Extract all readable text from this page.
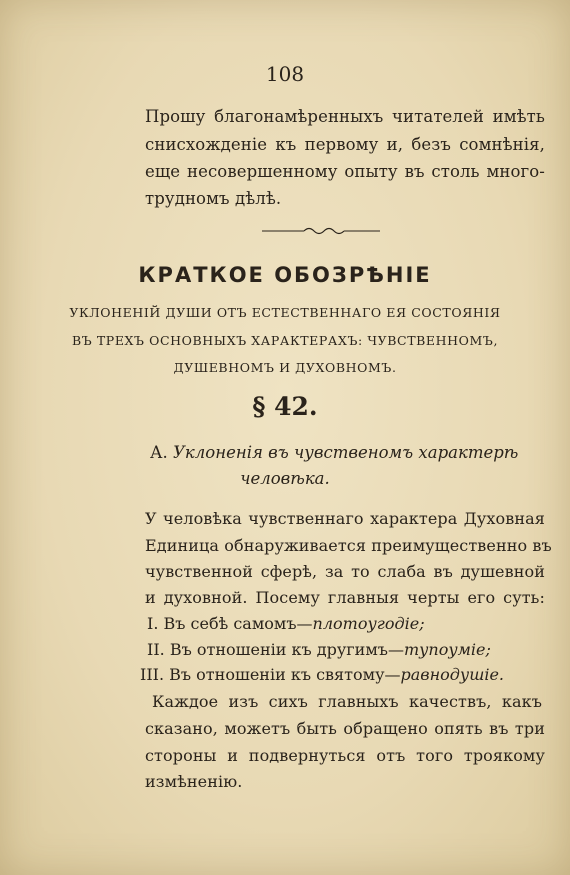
108
Прошу благонамѣренныхъ читателей имѣть
снисхожденіе къ первому и, безъ сомнѣнія,
еще несовершенному опыту въ столь много-
трудномъ дѣлѣ.
КРАТКОЕ ОБОЗРѢНІЕ
УКЛОНЕНІЙ ДУШИ ОТЪ ЕСТЕСТВЕННАГО ЕЯ СОСТОЯНІЯ
ВЪ ТРЕХЪ ОСНОВНЫХЪ ХАРАКТЕРАХЪ: ЧУВСТВЕННОМЪ,
ДУШЕВНОМЪ И ДУХОВНОМЪ.
§ 42.
А. Уклоненія въ чувственомъ характерѣ
человѣка.
У человѣка чувственнаго характера Духовная
Единица обнаруживается преимущественно въ
чувственной сферѣ, за то слаба въ душевной
и духовной. Посему главныя черты его суть:
I. Въ себѣ самомъ—плотоугодіе;
II. Въ отношеніи къ другимъ—тупоуміе;
III. Въ отношеніи къ святому—равнодушіе.
Каждое изъ сихъ главныхъ качествъ, какъ
сказано, можетъ быть обращено опять въ три
стороны и подвернуться отъ того троякому
измѣненію.
